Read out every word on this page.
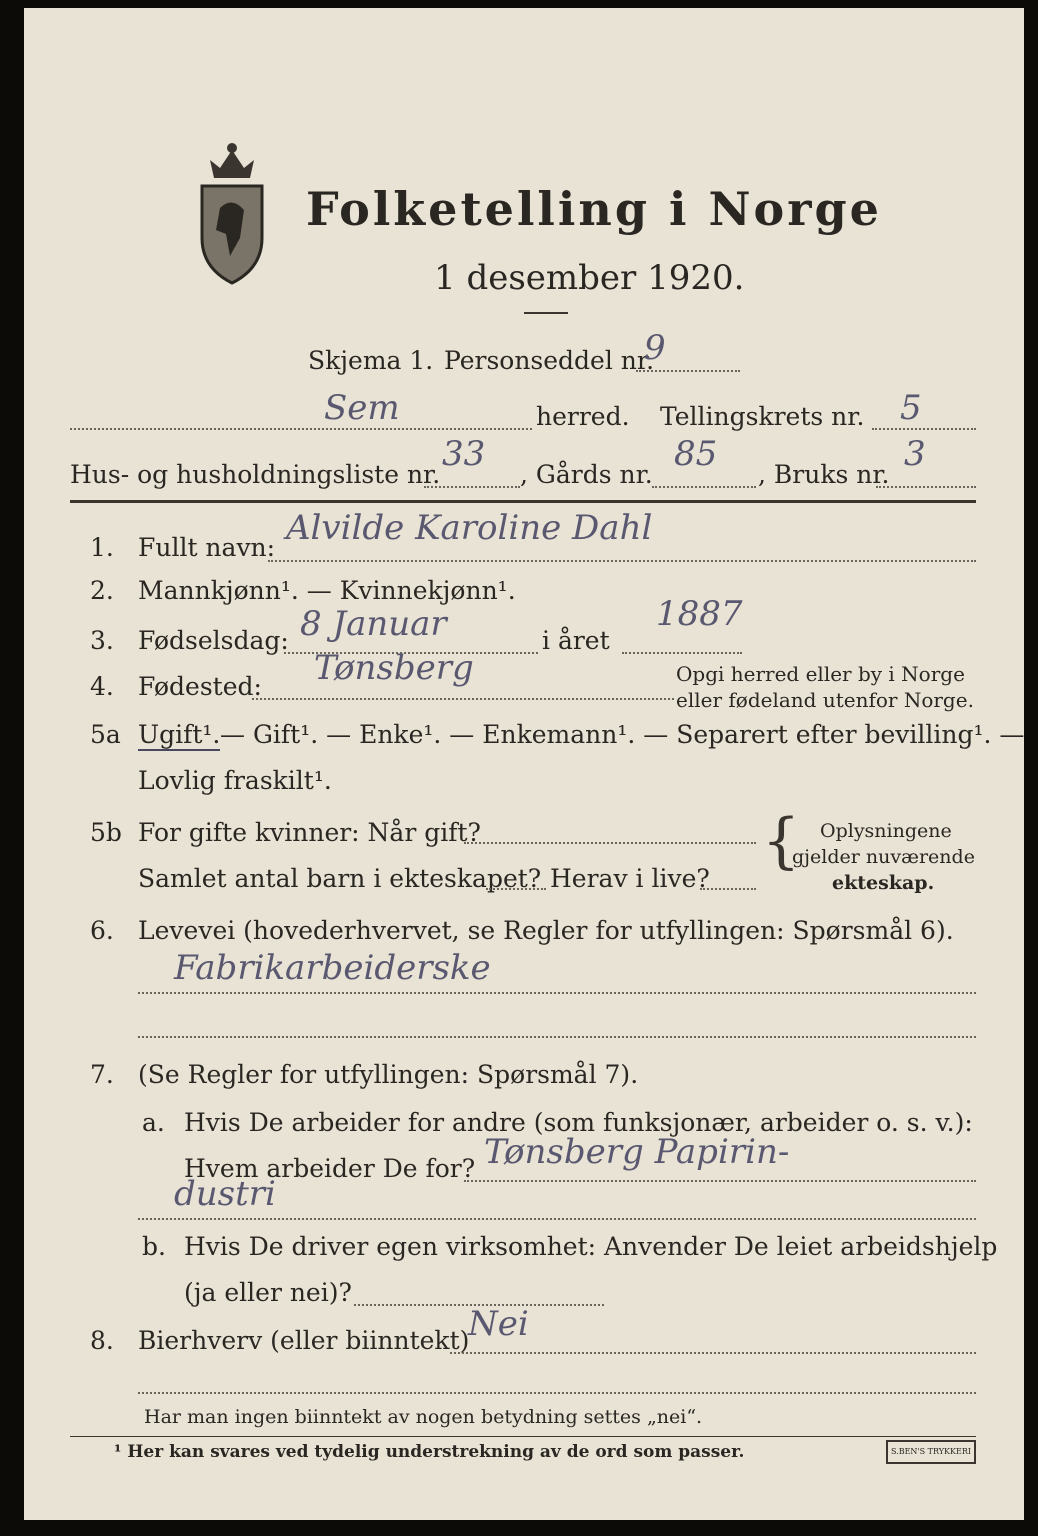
Folketelling i Norge
1 desember 1920.
Skjema 1. Personseddel nr.
9
Sem	herred. Tellingskrets nr. 5
Hus- og husholdningsliste nr.
33
, Gårds nr.
85
, Bruks nr.
3
1. Fullt navn: Alvilde Karoline Dahl
2. Mannkjønn¹. — Kvinnekjønn¹.
3. Fødselsdag: 8 Januar	i året
1887
4. Fødested: Tønsberg	Opgi herred eller by i Norge
eller fødeland utenfor Norge.
5a Ugift¹. — Gift¹. — Enke¹. — Enkemann¹. — Separert efter bevilling¹. —
Lovlig fraskilt¹.
5b For gifte kvinner: Når gift?
Samlet antal barn i ekteskapet? Herav i live?
{ Oplysningene
gjelder nuværende
ekteskap.
6. Levevei (hovederhvervet, se Regler for utfyllingen: Spørsmål 6).
Fabrikarbeiderske
7. (Se Regler for utfyllingen: Spørsmål 7).
a. Hvis De arbeider for andre (som funksjonær, arbeider o. s. v.):
Hvem arbeider De for? Tønsberg Papirin-
dustri
b. Hvis De driver egen virksomhet: Anvender De leiet arbeidshjelp
(ja eller nei)?
8. Bierhverv (eller biinntekt)
Nei
Har man ingen biinntekt av nogen betydning settes „nei“.
¹ Her kan svares ved tydelig understrekning av de ord som passer.	S.BEN'S TRYKKERI
